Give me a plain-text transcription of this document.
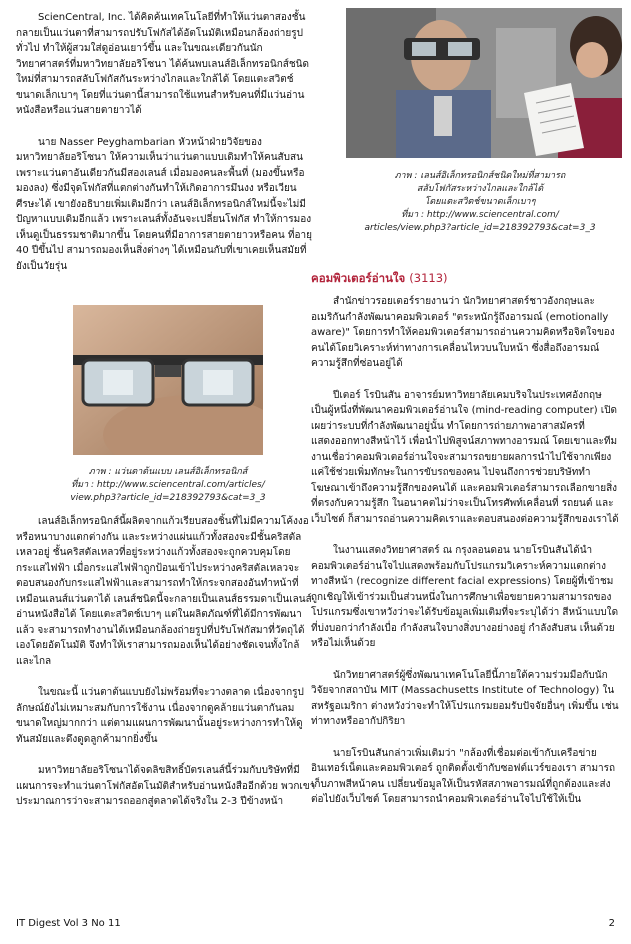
ScienCentral, Inc. ได้คิดค้นเทคโนโลยีที่ทำให้แว่นตาสองชั้น กลายเป็นแว่นตาที่สามารถปรับโฟกัสได้อัตโนมัติเหมือนกล้องถ่ายรูปทั่วไป ทำให้ผู้สวมใส่ดูอ่อนเยาว์ขึ้น และในขณะเดียวกันนักวิทยาศาสตร์ที่มหาวิทยาลัยอริโซนา ได้ค้นพบเลนส์อิเล็กทรอนิกส์ชนิดใหม่ที่สามารถสลับโฟกัสกันระหว่างไกลและใกล้ได้ โดยแตะสวิตช์ขนาดเล็กเบาๆ โดยที่แว่นตานี้สามารถใช้แทนสำหรับคนที่มีแว่นอ่านหนังสือหรือแว่นสายตายาวได้

นาย Nasser Peyghambarian หัวหน้าฝ่ายวิจัยของมหาวิทยาลัยอริโซนา ให้ความเห็นว่าแว่นตาแบบเดิมทำให้คนสับสน เพราะแว่นตาอันเดียวกันมีสองเลนส์ เมื่อมองคนละพื้นที่ (มองขึ้นหรือมองลง) ซึ่งมีจุดโฟกัสที่แตกต่างกันทำให้เกิดอาการมึนงง หรือเวียนศีรษะได้ เขายังอธิบายเพิ่มเติมอีกว่า เลนส์อิเล็กทรอนิกส์ใหม่นี้จะไม่มีปัญหาแบบเดิมอีกแล้ว เพราะเลนส์ทั้งอันจะเปลี่ยนโฟกัส ทำให้การมองเห็นดูเป็นธรรมชาติมากขึ้น โดยคนที่มีอาการสายตายาวหรือคน ที่อายุ 40 ปีขึ้นไป สามารถมองเห็นสิ่งต่างๆ ได้เหมือนกับที่เขาเคยเห็นสมัยที่ยังเป็นวัยรุ่น

ภาพ : แว่นตาต้นแบบ เลนส์อิเล็กทรอนิกส์
ที่มา : http://www.sciencentral.com/articles/
view.php3?article_id=218392793&cat=3_3

เลนส์อิเล็กทรอนิกส์นี้ผลิตจากแก้วเรียบสองชิ้นที่ไม่มีความโค้งงอหรือหนาบางแตกต่างกัน และระหว่างแผ่นแก้วทั้งสองจะมีชั้นคริสตัลเหลวอยู่ ชั้นคริสตัลเหลวที่อยู่ระหว่างแก้วทั้งสองจะถูกควบคุมโดยกระแสไฟฟ้า เมื่อกระแสไฟฟ้าถูกป้อนเข้าไประหว่างคริสตัลเหลวจะตอบสนองกับกระแสไฟฟ้าและสามารถทำให้กระจกสองอันทำหน้าที่เหมือนเลนส์แว่นตาได้ เลนส์ชนิดนี้จะกลายเป็นเลนส์ธรรมดาเป็นเลนส์อ่านหนังสือได้ โดยแตะสวิตช์เบาๆ แต่ในผลิตภัณฑ์ที่ได้มีการพัฒนาแล้ว จะสามารถทำงานได้เหมือนกล้องถ่ายรูปที่ปรับโฟกัสมาที่วัตถุได้เองโดยอัตโนมัติ จึงทำให้เราสามารถมองเห็นได้อย่างชัดเจนทั้งใกล้และไกล

ในขณะนี้ แว่นตาต้นแบบยังไม่พร้อมที่จะวางตลาด เนื่องจากรูปลักษณ์ยังไม่เหมาะสมกับการใช้งาน เนื่องจากดูคล้ายแว่นตากันลมขนาดใหญ่มากกว่า แต่ตามแผนการพัฒนานั้นอยู่ระหว่างการทำให้ดูทันสมัยและดึงดูดลูกค้ามากยิ่งขึ้น

มหาวิทยาลัยอริโซนาได้จดลิขสิทธิ์บัตรเลนส์นี้ร่วมกับบริษัทที่มีแผนการจะทำแว่นตาโฟกัสอัตโนมัติสำหรับอ่านหนังสืออีกด้วย พวกเขาประมาณการว่าจะสามารถออกสู่ตลาดได้จริงใน 2-3 ปีข้างหน้า

ภาพ : เลนส์อิเล็กทรอนิกส์ชนิดใหม่ที่สามารถ
สลับโฟกัสระหว่างไกลและใกล้ได้
โดยแตะสวิตช์ขนาดเล็กเบาๆ
ที่มา : http://www.sciencentral.com/
articles/view.php3?article_id=218392793&cat=3_3
คอมพิวเตอร์อ่านใจ (3113)

สำนักข่าวรอยเตอร์รายงานว่า นักวิทยาศาสตร์ชาวอังกฤษและอเมริกันกำลังพัฒนาคอมพิวเตอร์ "ตระหนักรู้ถึงอารมณ์ (emotionally aware)" โดยการทำให้คอมพิวเตอร์สามารถอ่านความคิดหรือจิตใจของคนได้โดยวิเคราะห์ท่าทางการเคลื่อนไหวบนใบหน้า ซึ่งสื่อถึงอารมณ์ความรู้สึกที่ซ่อนอยู่ได้

ปีเตอร์ โรบินสัน อาจารย์มหาวิทยาลัยเคมบริจในประเทศอังกฤษ เป็นผู้หนึ่งที่พัฒนาคอมพิวเตอร์อ่านใจ (mind-reading computer) เปิดเผยว่าระบบที่กำลังพัฒนาอยู่นั้น ทำโดยการถ่ายภาพอาสาสมัครที่แสดงออกทางสีหน้าไว้ เพื่อนำไปพิสูจน์สภาพทางอารมณ์ โดยเขาและทีมงานเชื่อว่าคอมพิวเตอร์อ่านใจจะสามารถขยายผลการนำไปใช้จากเพียงแค่ใช้ช่วยเพิ่มทักษะในการขับรถของคน ไปจนถึงการช่วยบริษัททำโฆษณาเข้าถึงความรู้สึกของคนได้ และคอมพิวเตอร์สามารถเลือกขายสิ่งที่ตรงกับความรู้สึก ในอนาคตไม่ว่าจะเป็นโทรศัพท์เคลื่อนที่ รถยนต์ และเว็บไซต์ ก็สามารถอ่านความคิดเราและตอบสนองต่อความรู้สึกของเราได้

ในงานแสดงวิทยาศาสตร์ ณ กรุงลอนดอน นายโรบินสันได้นำคอมพิวเตอร์อ่านใจไปแสดงพร้อมกับโปรแกรมวิเคราะห์ความแตกต่างทางสีหน้า (recognize different facial expressions) โดยผู้ที่เข้าชมถูกเชิญให้เข้าร่วมเป็นส่วนหนึ่งในการศึกษาเพื่อขยายความสามารถของโปรแกรมซึ่งเขาหวังว่าจะได้รับข้อมูลเพิ่มเติมที่จะระบุได้ว่า สีหน้าแบบใดที่บ่งบอกว่ากำลังเบื่อ กำลังสนใจบางสิ่งบางอย่างอยู่ กำลังสับสน เห็นด้วยหรือไม่เห็นด้วย

นักวิทยาศาสตร์ผู้ซึ่งพัฒนาเทคโนโลยีนี้ภายใต้ความร่วมมือกับนักวิจัยจากสถาบัน MIT (Massachusetts Institute of Technology) ในสหรัฐอเมริกา ต่างหวังว่าจะทำให้โปรแกรมยอมรับปัจจัยอื่นๆ เพิ่มขึ้น เช่น ท่าทางหรืออากัปกิริยา

นายโรบินสันกล่าวเพิ่มเติมว่า "กล้องที่เชื่อมต่อเข้ากับเครือข่ายอินเทอร์เน็ตและคอมพิวเตอร์ ถูกติดตั้งเข้ากับซอฟต์แวร์ของเรา สามารถเก็บภาพสีหน้าคน เปลี่ยนข้อมูลให้เป็นรหัสสภาพอารมณ์ที่ถูกต้องและส่งต่อไปยังเว็บไซต์ โดยสามารถนำคอมพิวเตอร์อ่านใจไปใช้ให้เป็น

IT Digest Vol 3 No 11	2
